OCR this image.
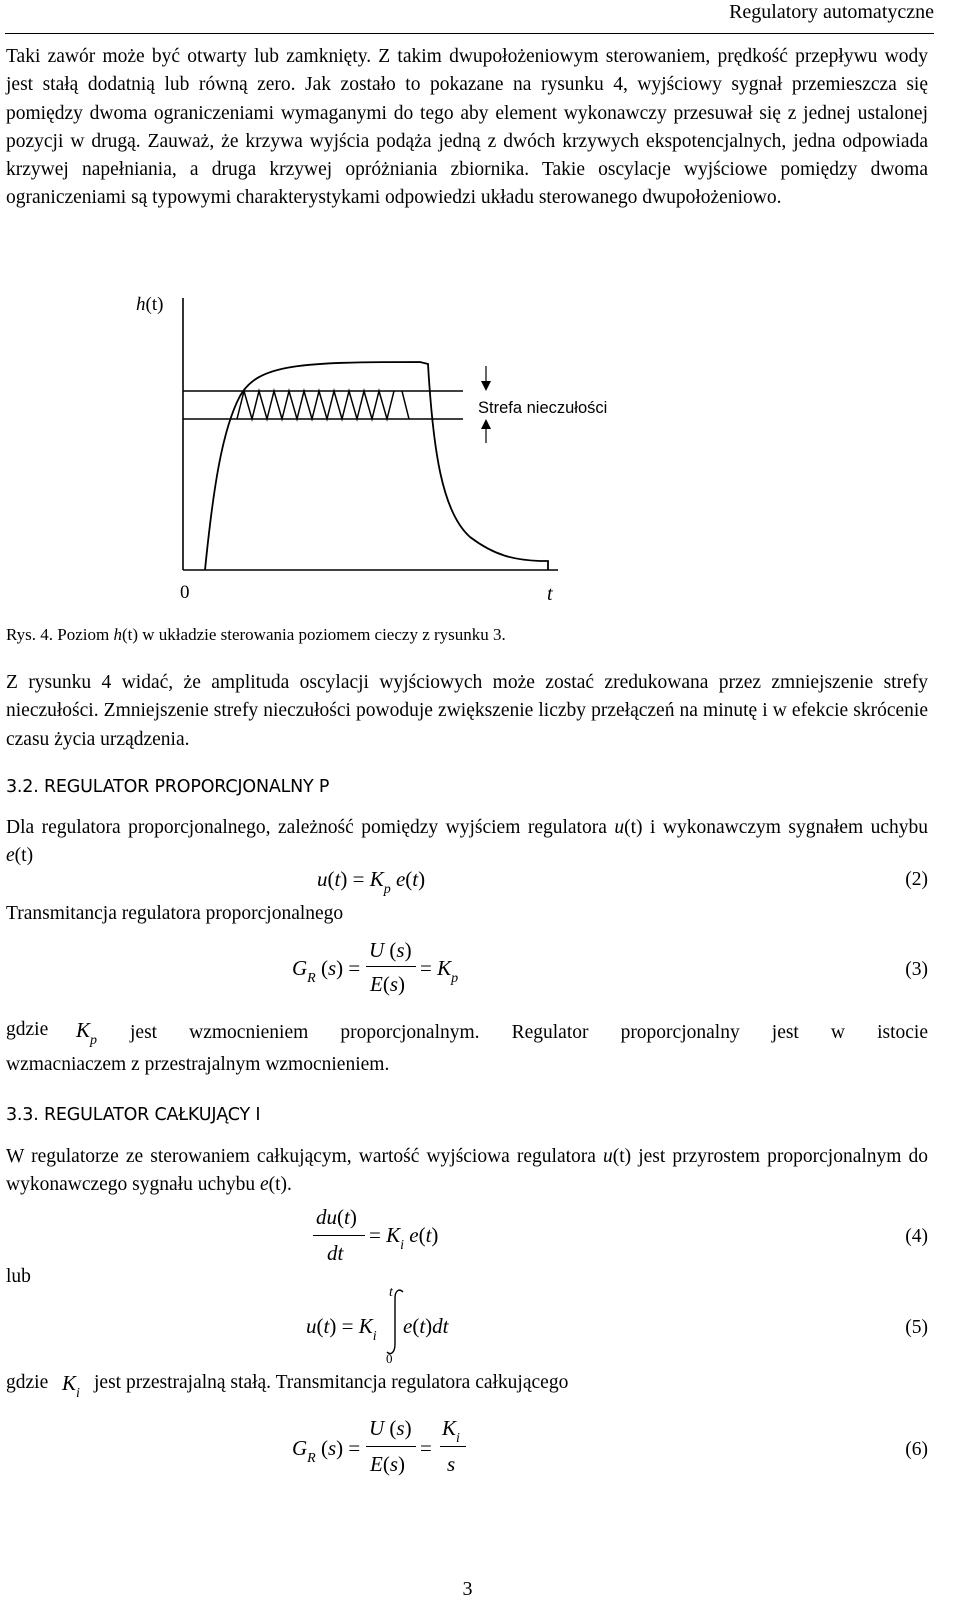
Regulatory automatyczne
Taki zawór może być otwarty lub zamknięty. Z takim dwupołożeniowym sterowaniem, prędkość przepływu wody jest stałą dodatnią lub równą zero. Jak zostało to pokazane na rysunku 4, wyjściowy sygnał przemieszcza się pomiędzy dwoma ograniczeniami wymaganymi do tego aby element wykonawczy przesuwał się z jednej ustalonej pozycji w drugą. Zauważ, że krzywa wyjścia podąża jedną z dwóch krzywych ekspotencjalnych, jedna odpowiada krzywej napełniania, a druga krzywej opróżniania zbiornika. Takie oscylacje wyjściowe pomiędzy dwoma ograniczeniami są typowymi charakterystykami odpowiedzi układu sterowanego dwupołożeniowo.
h(t)
Strefa nieczułości
0	t
Rys. 4. Poziom h(t) w układzie sterowania poziomem cieczy z rysunku 3.
Z rysunku 4 widać, że amplituda oscylacji wyjściowych może zostać zredukowana przez zmniejszenie strefy nieczułości. Zmniejszenie strefy nieczułości powoduje zwiększenie liczby przełączeń na minutę i w efekcie skrócenie czasu życia urządzenia.
3.2. REGULATOR PROPORCJONALNY P
Dla regulatora proporcjonalnego, zależność pomiędzy wyjściem regulatora u(t) i wykonawczym sygnałem uchybu e(t)
$u(t) = K_p$ e(t)	(2)
Transmitancja regulatora proporcjonalnego
$G_R$ (s) =
U (s)
E(s)
= $K_p$	(3)
gdzie $K_p$ jest wzmocnieniem proporcjonalnym. Regulator proporcjonalny jest w istocie
wzmacniaczem z przestrajalnym wzmocnieniem.
3.3. REGULATOR CAŁKUJĄCY I
W regulatorze ze sterowaniem całkującym, wartość wyjściowa regulatora u(t) jest przyrostem proporcjonalnym do wykonawczego sygnału uchybu e(t).
du(t)
dt
= $K_i$ e(t)	(4)
lub
$u(t) = K_i$
t
0
e(t)dt	(5)
gdzie $K_i$
jest przestrajalną stałą. Transmitancja regulatora całkującego
$G_R$ (s) =
U (s)
E(s)
=
$K_i$
s
(6)
3
